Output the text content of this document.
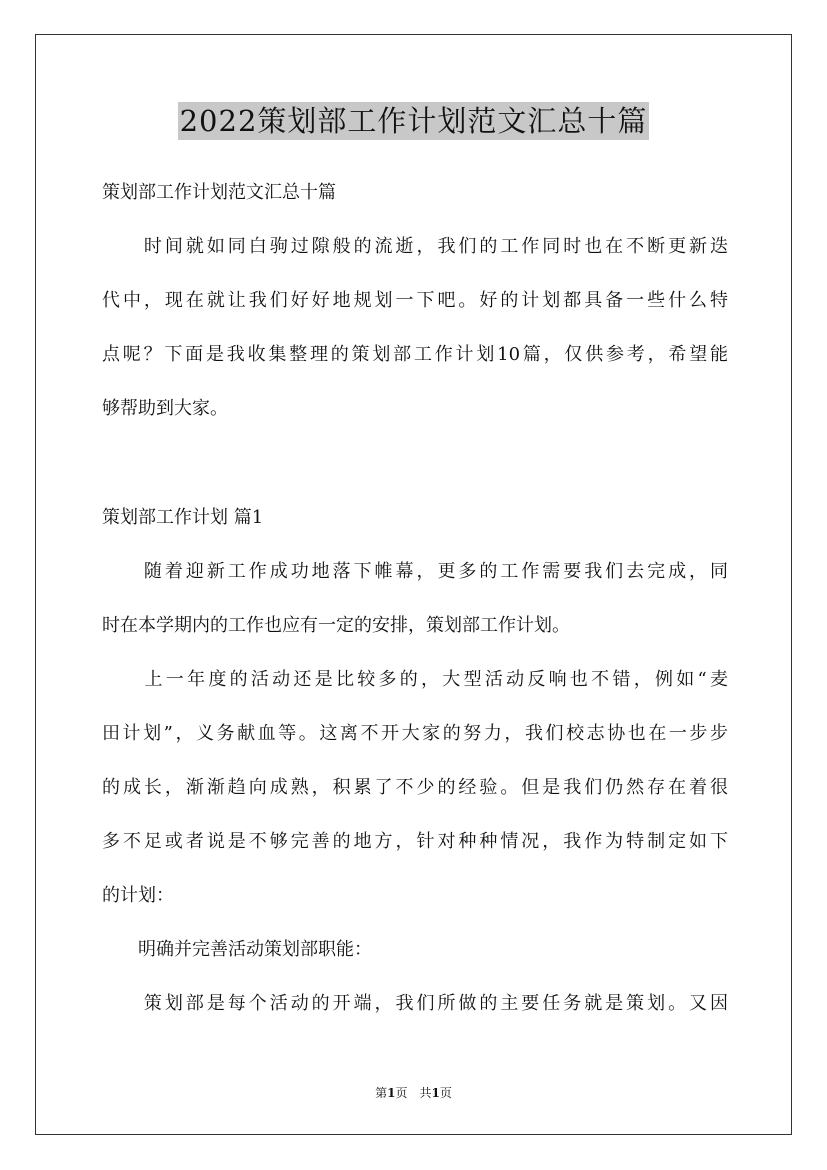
2022策划部工作计划范文汇总十篇
策划部工作计划范文汇总十篇
　　时间就如同白驹过隙般的流逝，我们的工作同时也在不断更新迭
代中，现在就让我们好好地规划一下吧。好的计划都具备一些什么特
点呢？下面是我收集整理的策划部工作计划10篇，仅供参考，希望能
够帮助到大家。
策划部工作计划 篇1
　　随着迎新工作成功地落下帷幕，更多的工作需要我们去完成，同
时在本学期内的工作也应有一定的安排，策划部工作计划。
　　上一年度的活动还是比较多的，大型活动反响也不错，例如“麦
田计划”，义务献血等。这离不开大家的努力，我们校志协也在一步步
的成长，渐渐趋向成熟，积累了不少的经验。但是我们仍然存在着很
多不足或者说是不够完善的地方，针对种种情况，我作为特制定如下
的计划：
　　明确并完善活动策划部职能：
　　策划部是每个活动的开端，我们所做的主要任务就是策划。又因
第1页　共1页
